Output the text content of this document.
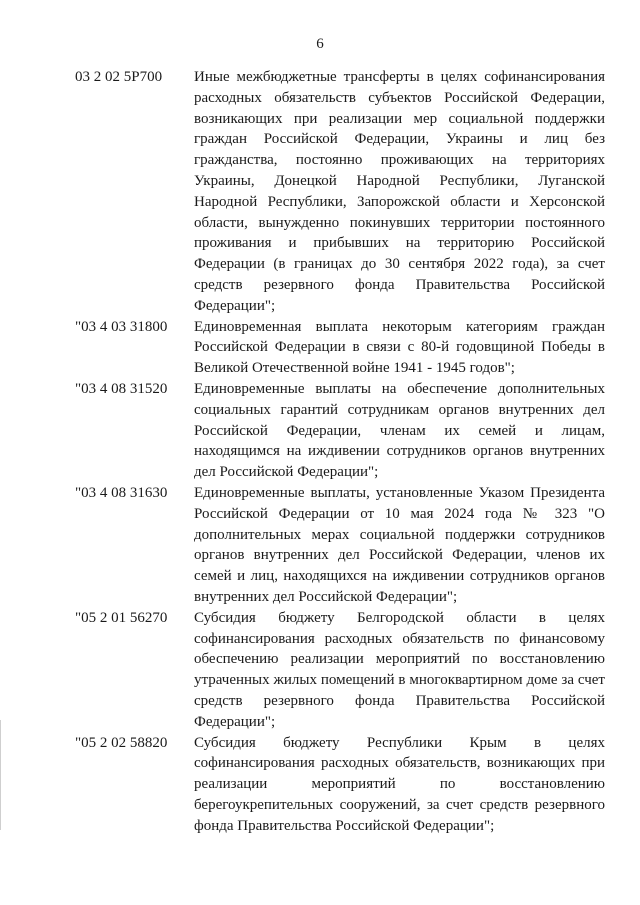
6
03 2 02 5Р700	Иные межбюджетные трансферты в целях софинансирования расходных обязательств субъектов Российской Федерации, возникающих при реализации мер социальной поддержки граждан Российской Федерации, Украины и лиц без гражданства, постоянно проживающих на территориях Украины, Донецкой Народной Республики, Луганской Народной Республики, Запорожской области и Херсонской области, вынужденно покинувших территории постоянного проживания и прибывших на территорию Российской Федерации (в границах до 30 сентября 2022 года), за счет средств резервного фонда Правительства Российской Федерации";
"03 4 03 31800	Единовременная выплата некоторым категориям граждан Российской Федерации в связи с 80-й годовщиной Победы в Великой Отечественной войне 1941 - 1945 годов";
"03 4 08 31520	Единовременные выплаты на обеспечение дополнительных социальных гарантий сотрудникам органов внутренних дел Российской Федерации, членам их семей и лицам, находящимся на иждивении сотрудников органов внутренних дел Российской Федерации";
"03 4 08 31630	Единовременные выплаты, установленные Указом Президента Российской Федерации от 10 мая 2024 года № 323 "О дополнительных мерах социальной поддержки сотрудников органов внутренних дел Российской Федерации, членов их семей и лиц, находящихся на иждивении сотрудников органов внутренних дел Российской Федерации";
"05 2 01 56270	Субсидия бюджету Белгородской области в целях софинансирования расходных обязательств по финансовому обеспечению реализации мероприятий по восстановлению утраченных жилых помещений в многоквартирном доме за счет средств резервного фонда Правительства Российской Федерации";
"05 2 02 58820	Субсидия бюджету Республики Крым в целях софинансирования расходных обязательств, возникающих при реализации мероприятий по восстановлению берегоукрепительных сооружений, за счет средств резервного фонда Правительства Российской Федерации";
